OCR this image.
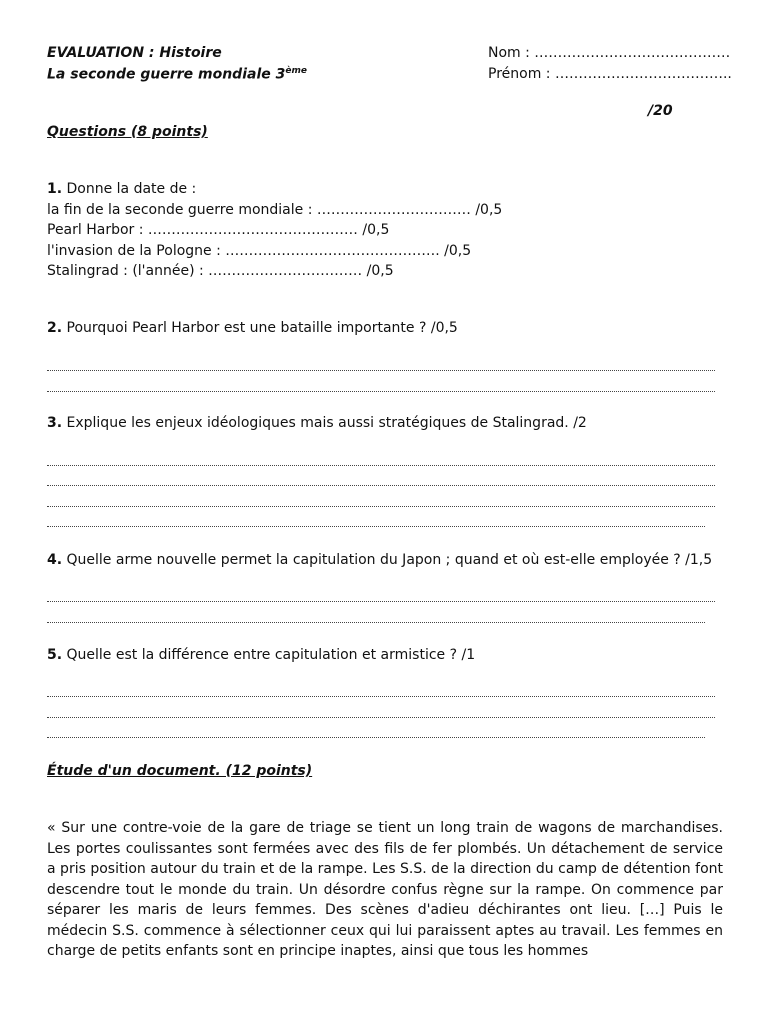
EVALUATION : Histoire
La seconde guerre mondiale 3ème
Nom : ……………………………………
Prénom : ………………………………..
/20
Questions (8 points)
1. Donne la date de :
la fin de la seconde guerre mondiale : …………………………… /0,5
Pearl Harbor : ……………………………………… /0,5
l'invasion de la Pologne : ………………………………………. /0,5
Stalingrad : (l'année) : …………………………… /0,5
2. Pourquoi Pearl Harbor est une bataille importante ? /0,5
3. Explique les enjeux idéologiques mais aussi stratégiques de Stalingrad. /2
4. Quelle arme nouvelle permet la capitulation du Japon ; quand et où est-elle employée ? /1,5
5. Quelle est la différence entre capitulation et armistice ? /1
Étude d'un document. (12 points)

« Sur une contre-voie de la gare de triage se tient un long train de wagons de marchandises. Les portes coulissantes sont fermées avec des fils de fer plombés. Un détachement de service a pris position autour du train et de la rampe. Les S.S. de la direction du camp de détention font descendre tout le monde du train. Un désordre confus règne sur la rampe. On commence par séparer les maris de leurs femmes. Des scènes d'adieu déchirantes ont lieu. […] Puis le médecin S.S. commence à sélectionner ceux qui lui paraissent aptes au travail. Les femmes en charge de petits enfants sont en principe inaptes, ainsi que tous les hommes
